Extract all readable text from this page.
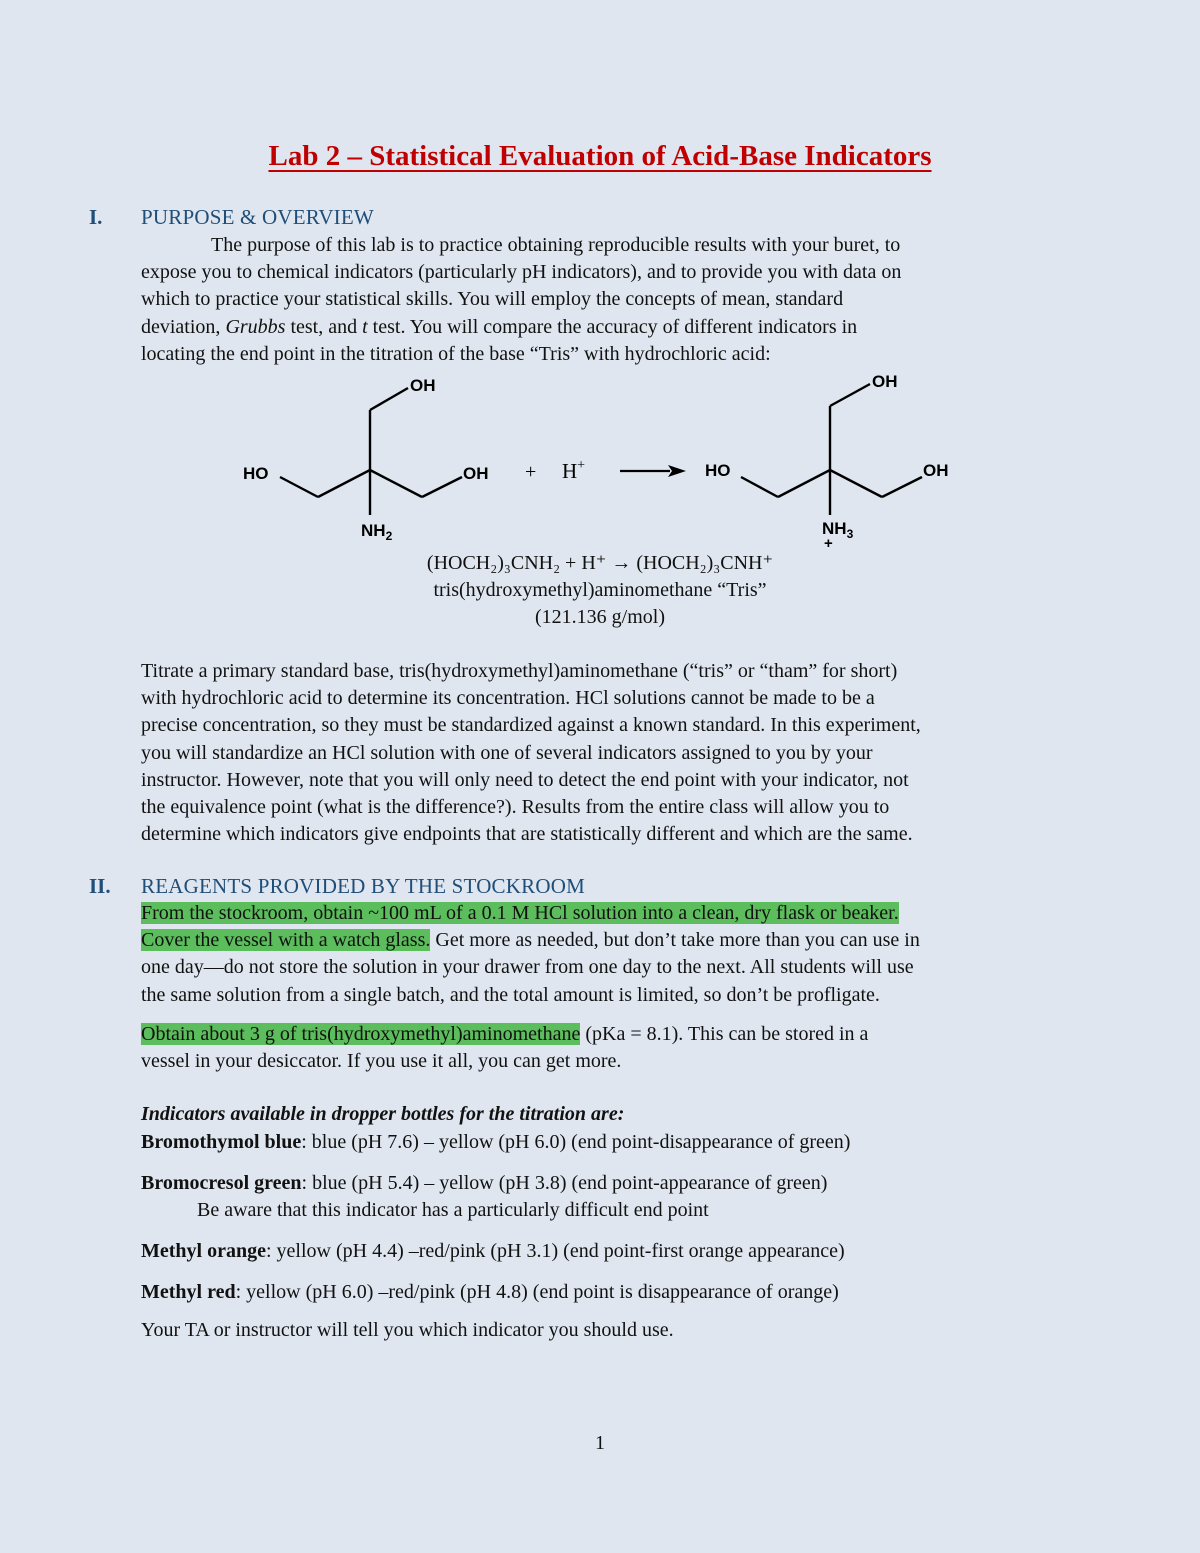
Lab 2 – Statistical Evaluation of Acid-Base Indicators
I. PURPOSE & OVERVIEW
The purpose of this lab is to practice obtaining reproducible results with your buret, to
expose you to chemical indicators (particularly pH indicators), and to provide you with data on
which to practice your statistical skills. You will employ the concepts of mean, standard
deviation, Grubbs test, and t test. You will compare the accuracy of different indicators in
locating the end point in the titration of the base “Tris” with hydrochloric acid:
OH
HO	OH
$NH_2$
+ H+
OH
HO	OH
$NH_3$
+
(HOCH₂)₃CNH₂ + H⁺ → (HOCH₂)₃CNH⁺
tris(hydroxymethyl)aminomethane “Tris”
(121.136 g/mol)
Titrate a primary standard base, tris(hydroxymethyl)aminomethane (“tris” or “tham” for short)
with hydrochloric acid to determine its concentration. HCl solutions cannot be made to be a
precise concentration, so they must be standardized against a known standard. In this experiment,
you will standardize an HCl solution with one of several indicators assigned to you by your
instructor. However, note that you will only need to detect the end point with your indicator, not
the equivalence point (what is the difference?). Results from the entire class will allow you to
determine which indicators give endpoints that are statistically different and which are the same.
II. REAGENTS PROVIDED BY THE STOCKROOM
From the stockroom, obtain ~100 mL of a 0.1 M HCl solution into a clean, dry flask or beaker.
Cover the vessel with a watch glass. Get more as needed, but don’t take more than you can use in
one day—do not store the solution in your drawer from one day to the next. All students will use
the same solution from a single batch, and the total amount is limited, so don’t be profligate.
Obtain about 3 g of tris(hydroxymethyl)aminomethane (pKa = 8.1). This can be stored in a
vessel in your desiccator. If you use it all, you can get more.
Indicators available in dropper bottles for the titration are:
Bromothymol blue: blue (pH 7.6) – yellow (pH 6.0) (end point-disappearance of green)
Bromocresol green: blue (pH 5.4) – yellow (pH 3.8) (end point-appearance of green)
Be aware that this indicator has a particularly difficult end point
Methyl orange: yellow (pH 4.4) –red/pink (pH 3.1) (end point-first orange appearance)
Methyl red: yellow (pH 6.0) –red/pink (pH 4.8) (end point is disappearance of orange)
Your TA or instructor will tell you which indicator you should use.
1
